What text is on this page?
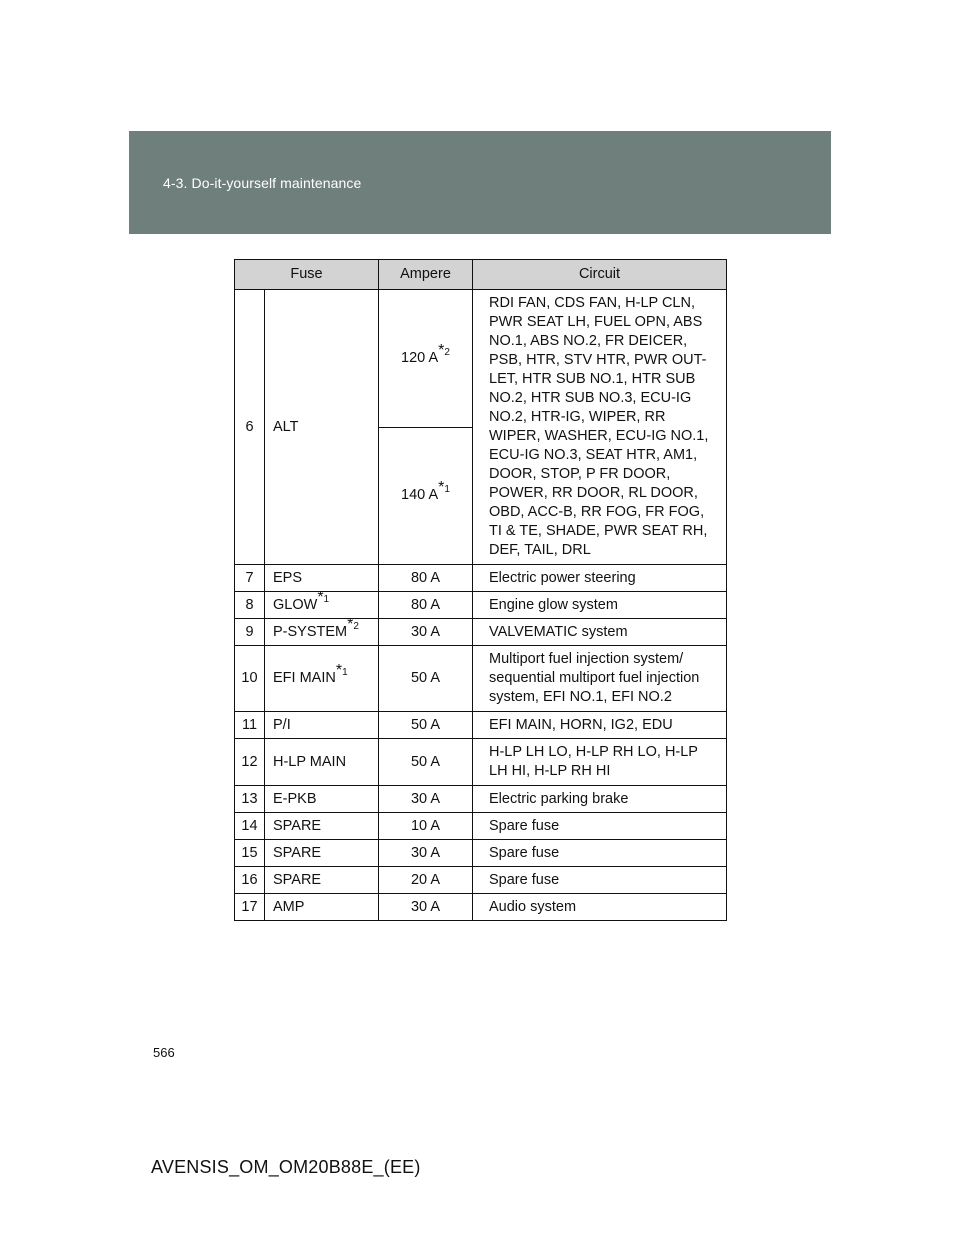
4-3. Do-it-yourself maintenance
Fuse		Ampere	Circuit
6	ALT	120 $A^{*2}$	RDI FAN, CDS FAN, H-LP CLN, PWR SEAT LH, FUEL OPN, ABS NO.1, ABS NO.2, FR DEICER, PSB, HTR, STV HTR, PWR OUT-LET, HTR SUB NO.1, HTR SUB NO.2, HTR SUB NO.3, ECU-IG NO.2, HTR-IG, WIPER, RR WIPER, WASHER, ECU-IG NO.1, ECU-IG NO.3, SEAT HTR, AM1, DOOR, STOP, P FR DOOR, POWER, RR DOOR, RL DOOR, OBD, ACC-B, RR FOG, FR FOG, TI & TE, SHADE, PWR SEAT RH, DEF, TAIL, DRL
		140 $A^{*1}$
7	EPS	80 A	Electric power steering
8	GLOW$^{*1}$	80 A	Engine glow system
9	P-SYSTEM$^{*2}$	30 A	VALVEMATIC system
10	EFI MAIN$^{*1}$	50 A	Multiport fuel injection system/ sequential multiport fuel injection system, EFI NO.1, EFI NO.2
11	P/I	50 A	EFI MAIN, HORN, IG2, EDU
12	H-LP MAIN	50 A	H-LP LH LO, H-LP RH LO, H-LP LH HI, H-LP RH HI
13	E-PKB	30 A	Electric parking brake
14	SPARE	10 A	Spare fuse
15	SPARE	30 A	Spare fuse
16	SPARE	20 A	Spare fuse
17	AMP	30 A	Audio system
566
AVENSIS_OM_OM20B88E_(EE)
